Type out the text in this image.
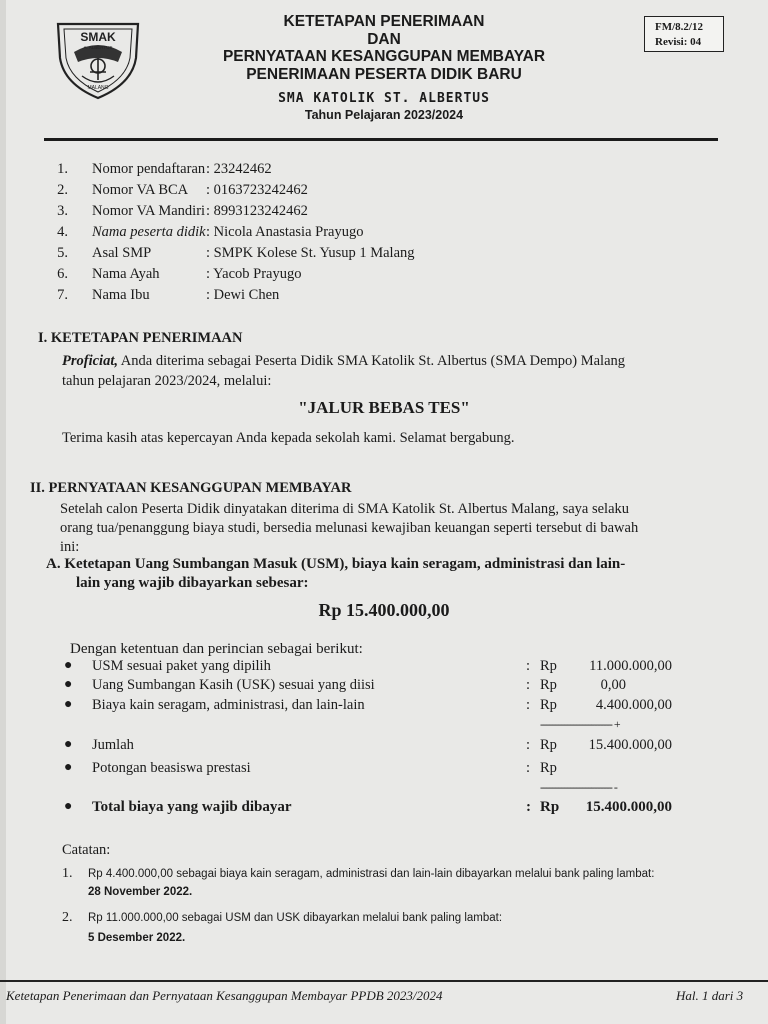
SMAK
A. ALBERTUS
MALANG
KETETAPAN PENERIMAAN
DAN
PERNYATAAN KESANGGUPAN MEMBAYAR
PENERIMAAN PESERTA DIDIK BARU
SMA KATOLIK ST. ALBERTUS
Tahun Pelajaran 2023/2024
FM/8.2/12
Revisi: 04
1. Nomor pendaftaran : 23242462
2. Nomor VA BCA : 0163723242462
3. Nomor VA Mandiri : 8993123242462
4. Nama peserta didik : Nicola Anastasia Prayugo
5. Asal SMP	: SMPK Kolese St. Yusup 1 Malang
6. Nama Ayah	: Yacob Prayugo
7. Nama Ibu	: Dewi Chen
I. KETETAPAN PENERIMAAN
Proficiat, Anda diterima sebagai Peserta Didik SMA Katolik St. Albertus (SMA Dempo) Malang
tahun pelajaran 2023/2024, melalui:
"JALUR BEBAS TES"
Terima kasih atas kepercayan Anda kepada sekolah kami. Selamat bergabung.
II. PERNYATAAN KESANGGUPAN MEMBAYAR
Setelah calon Peserta Didik dinyatakan diterima di SMA Katolik St. Albertus Malang, saya selaku
orang tua/penanggung biaya studi, bersedia melunasi kewajiban keuangan seperti tersebut di bawah
ini:
A. Ketetapan Uang Sumbangan Masuk (USM), biaya kain seragam, administrasi dan lain-
lain yang wajib dibayarkan sebesar:
Rp 15.400.000,00
Dengan ketentuan dan perincian sebagai berikut:
● USM sesuai paket yang dipilih	: Rp	11.000.000,00
● Uang Sumbangan Kasih (USK) sesuai yang diisi	: Rp	0,00
● Biaya kain seragam, administrasi, dan lain-lain	: Rp	4.400.000,00
------------------------ +
● Jumlah	: Rp	15.400.000,00
● Potongan beasiswa prestasi	: Rp
------------------------ -
● Total biaya yang wajib dibayar	: Rp	15.400.000,00
Catatan:
1. Rp 4.400.000,00 sebagai biaya kain seragam, administrasi dan lain-lain dibayarkan melalui bank paling lambat:
28 November 2022.
2. Rp 11.000.000,00 sebagai USM dan USK dibayarkan melalui bank paling lambat:
5 Desember 2022.
Ketetapan Penerimaan dan Pernyataan Kesanggupan Membayar PPDB 2023/2024	Hal. 1 dari 3
